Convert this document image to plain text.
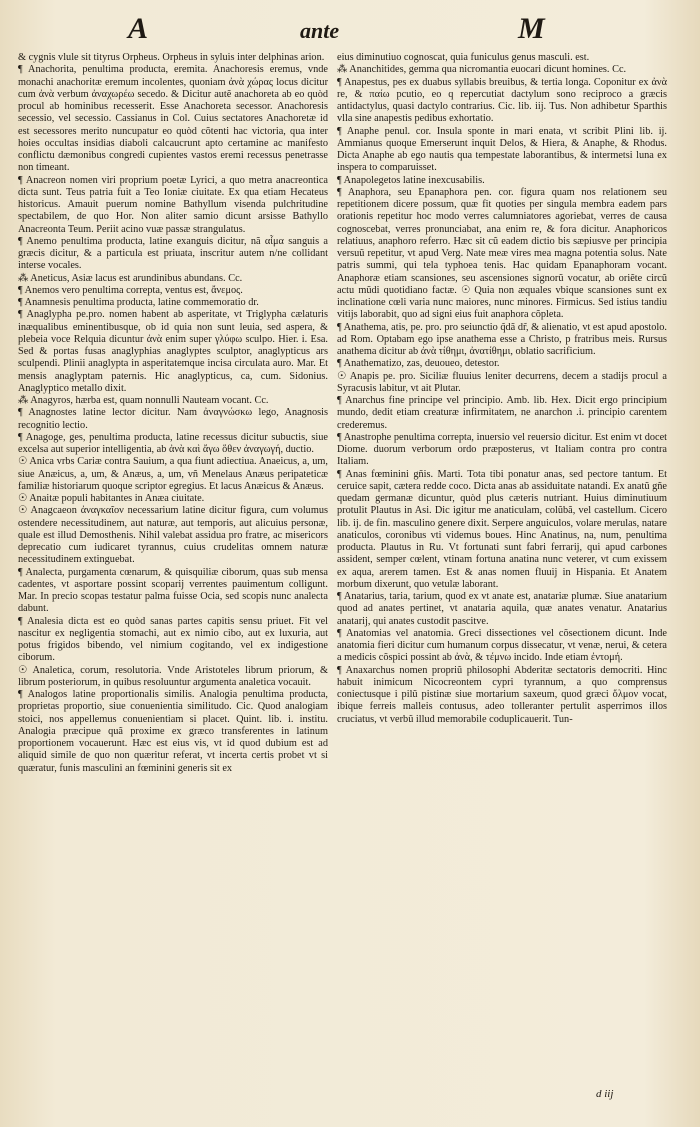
A	ante	M

& cygnis vlule sit tityrus Orpheus. Orpheus in syluis inter delphinas arion.

¶ Anachorita, penultima producta, eremita. Anachoresis eremus, vnde monachi anachoritæ eremum incolentes, quoniam ἀνὰ χώρας locus dicitur cum ἀνὰ verbum ἀναχωρέω secedo. & Dicitur autẽ anachoreta ab eo quòd procul ab hominibus recesserit. Esse Anachoreta secessor. Anachoresis secessio, vel secessio. Cassianus in Col. Cuius sectatores Anachoretæ id est secessores merito nuncupatur eo quòd cõtenti hac victoria, qua inter hoies occultas insidias diaboli calcaucrunt apto certamine ac manifesto conflictu dæmonibus congredi cupientes vastos eremi recessus penetrasse non timeant.

¶ Anacreon nomen viri proprium poetæ Lyrici, a quo metra anacreontica dicta sunt. Teus patria fuit a Teo Ioniæ ciuitate. Ex qua etiam Hecateus historicus. Amauit puerum nomine Bathyllum visenda pulchritudine spectabilem, de quo Hor. Non aliter samio dicunt arsisse Bathyllo Anacreonta Teum. Periit acino vuæ passæ strangulatus.

¶ Anemo penultima producta, latine exanguis dicitur, nã αἷμα sanguis a græcis dicitur, & a particula est priuata, inscritur autem n/ne collidant interse vocales.

⁂ Aneticus, Asiæ lacus est arundinibus abundans. Cc.

¶ Anemos vero penultima correpta, ventus est, ἄνεμος.

¶ Anamnesis penultima producta, latine commemoratio dr.

¶ Anaglypha pe.pro. nomen habent ab asperitate, vt Triglypha cælaturis inæqualibus eminentibusque, ob id quia non sunt leuia, sed aspera, & plebeia voce Relquia dicuntur ἀνὰ enim super γλύφω sculpo. Hier. i. Esa. Sed & portas fusas anaglyphias anaglyptes sculptor, anaglypticus ars sculpendi. Plinii anaglypta in asperitatemque incisa circulata auro. Mar. Et mensis anaglyptam paternis. Hic anaglypticus, ca, cum. Sidonius. Anaglyptico metallo dixit.

⁂ Anagyros, hærba est, quam nonnulli Nauteam vocant. Cc.

¶ Anagnostes latine lector dicitur. Nam ἀναγνώσκω lego, Anagnosis recognitio lectio.

¶ Anagoge, ges, penultima producta, latine recessus dicitur subuctis, siue excelsa aut superior intelligentia, ab ἀνὰ καὶ ἄγω ὅθεν ἀναγωγή, ductio.

☉ Anica vrbs Cariæ contra Sauium, a qua fiunt adiectiua. Anaeicus, a, um, siue Anæicus, a, um, & Anæus, a, um, vñ Menelaus Anæus peripateticæ familiæ historiarum quoque scriptor egregius. Et lacus Anæicus & Anæus.

☉ Anaitæ populi habitantes in Anæa ciuitate.

☉ Anagcaeon ἀναγκαῖον necessarium latine dicitur figura, cum volumus ostendere necessitudinem, aut naturæ, aut temporis, aut alicuius personæ, quale est illud Demosthenis. Nihil valebat assidua pro fratre, ac misericors deprecatio cum iudicaret tyrannus, cuius crudelitas omnem naturæ necessitudinem extinguebat.

¶ Analecta, purgamenta cœnarum, & quisquiliæ ciborum, quas sub mensa cadentes, vt asportare possint scoparij verrentes pauimentum colligunt. Mar. In precio scopas testatur palma fuisse Ocia, sed scopis nunc analecta dabunt.

¶ Analesia dicta est eo quòd sanas partes capitis sensu priuet. Fit vel nascitur ex negligentia stomachi, aut ex nimio cibo, aut ex luxuria, aut potus frigidos bibendo, vel nimium cogitando, vel ex indigestione ciborum.

☉ Analetica, corum, resolutoria. Vnde Aristoteles librum priorum, & librum posteriorum, in quibus resoluuntur argumenta analetica vocauit.

¶ Analogos latine proportionalis similis. Analogia penultima producta, proprietas proportio, siue conuenientia similitudo. Cic. Quod analogiam stoici, nos appellemus conuenientiam si placet. Quint. lib. i. institu. Analogia præcipue quã proxime ex græco transferentes in latinum proportionem vocauerunt. Hæc est eius vis, vt id quod dubium est ad aliquid simile de quo non quæritur referat, vt incerta certis probet vt si quæratur, funis masculini an fœminini generis sit ex

eius diminutiuo cognoscat, quia funiculus genus masculi. est.

⁂ Ananchitides, gemma qua nicromantia euocari dicunt homines. Cc.

¶ Anapestus, pes ex duabus syllabis breuibus, & tertia longa. Coponitur ex ἀνὰ re, & παίω pcutio, eo q repercutiat dactylum sono reciproco a græcis antidactylus, quasi dactylo contrarius. Cic. lib. iij. Tus. Non adhibetur Sparthis vlla sine anapestis pedibus exhortatio.

¶ Anaphe penul. cor. Insula sponte in mari enata, vt scribit Plini lib. ij. Ammianus quoque Emerserunt inquit Delos, & Hiera, & Anaphe, & Rhodus. Dicta Anaphe ab ego nautis qua tempestate laborantibus, & intermetsi luna ex inspera to comparuisset.

¶ Anapolegetos latine inexcusabilis.

¶ Anaphora, seu Epanaphora pen. cor. figura quam nos relationem seu repetitionem dicere possum, quæ fit quoties per singula membra eadem pars orationis repetitur hoc modo verres calumniatores agoriebat, verres de causa cognoscebat, verres pronunciabat, ana enim re, & fora dicitur. Anaphoricos relatiuus, anaphoro referro. Hæc sit cũ eadem dictio bis sæpiusve per principia versuũ repetitur, vt apud Verg. Nate meæ vires mea magna potentia solus. Nate patris summi, qui tela typhoea tenis. Hac quidam Epanaphoram vocant. Anaphoræ etiam scansiones, seu ascensiones signorũ vocatur, ab oriẽte circũ actu mũdi quotidiano factæ. ☉ Quia non æquales vbique scansiones sunt ex inclinatione cœli varia nunc maiores, nunc minores. Firmicus. Sed istius tandiu vitijs laborabit, quo ad signi eius fuit anaphora cõpleta.

¶ Anathema, atis, pe. pro. pro seiunctio q̃dã dr̃, & alienatio, vt est apud apostolo. ad Rom. Optabam ego ipse anathema esse a Christo, p fratribus meis. Rursus anathema dicitur ab ἀνὰ τίθημι, ἀνατίθημι, oblatio sacrificium.

¶ Anathematizo, zas, deuoueo, detestor.

☉ Anapis pe. pro. Siciliæ fluuius leniter decurrens, decem a stadijs procul a Syracusis labitur, vt ait Plutar.

¶ Anarchus fine principe vel principio. Amb. lib. Hex. Dicit ergo principium mundo, dedit etiam creaturæ infirmitatem, ne anarchon .i. principio carentem crederemus.

¶ Anastrophe penultima correpta, inuersio vel reuersio dicitur. Est enim vt docet Diome. duorum verborum ordo præposterus, vt Italiam contra pro contra Italiam.

¶ Anas fœminini gñis. Marti. Tota tibi ponatur anas, sed pectore tantum. Et ceruice sapit, cætera redde coco. Dicta anas ab assiduitate natandi. Ex anatũ gñe quedam germanæ dicuntur, quòd plus cæteris nutriant. Huius diminutiuum protulit Plautus in Asi. Dic igitur me anaticulam, colũbã, vel castellum. Cicero lib. ij. de fin. masculino genere dixit. Serpere anguiculos, volare merulas, natare anaticulos, coronibus vti videmus boues. Hinc Anatinus, na, num, penultima producta. Plautus in Ru. Vt fortunati sunt fabri ferrarij, qui apud carbones assident, semper cœlent, vtinam fortuna anatina nunc veterer, vt cum exissem ex aqua, arerem tamen. Est & anas nomen fluuij in Hispania. Et Anatem morbum dixerunt, quo vetulæ laborant.

¶ Anatarius, taria, tarium, quod ex vt anate est, anatariæ plumæ. Siue anatarium quod ad anates pertinet, vt anataria aquila, quæ anates venatur. Anatarius anatarij, qui anates custodit pascitve.

¶ Anatomias vel anatomia. Greci dissectiones vel cõsectionem dicunt. Inde anatomia fieri dicitur cum humanum corpus dissecatur, vt venæ, nerui, & cetera a medicis cõspici possint ab ἀνὰ, & τέμνω incido. Inde etiam ἐντομή.

¶ Anaxarchus nomen propriũ philosophi Abderitæ sectatoris democriti. Hinc habuit inimicum Nicocreontem cypri tyrannum, a quo comprensus coniectusque i pilũ pistinæ siue mortarium saxeum, quod græci ὅλμον vocat, ibique ferreis malleis contusus, adeo tolleranter pertulit asperrimos illos cruciatus, vt verbũ illud memorabile coduplicauerit. Tun-

d iij
